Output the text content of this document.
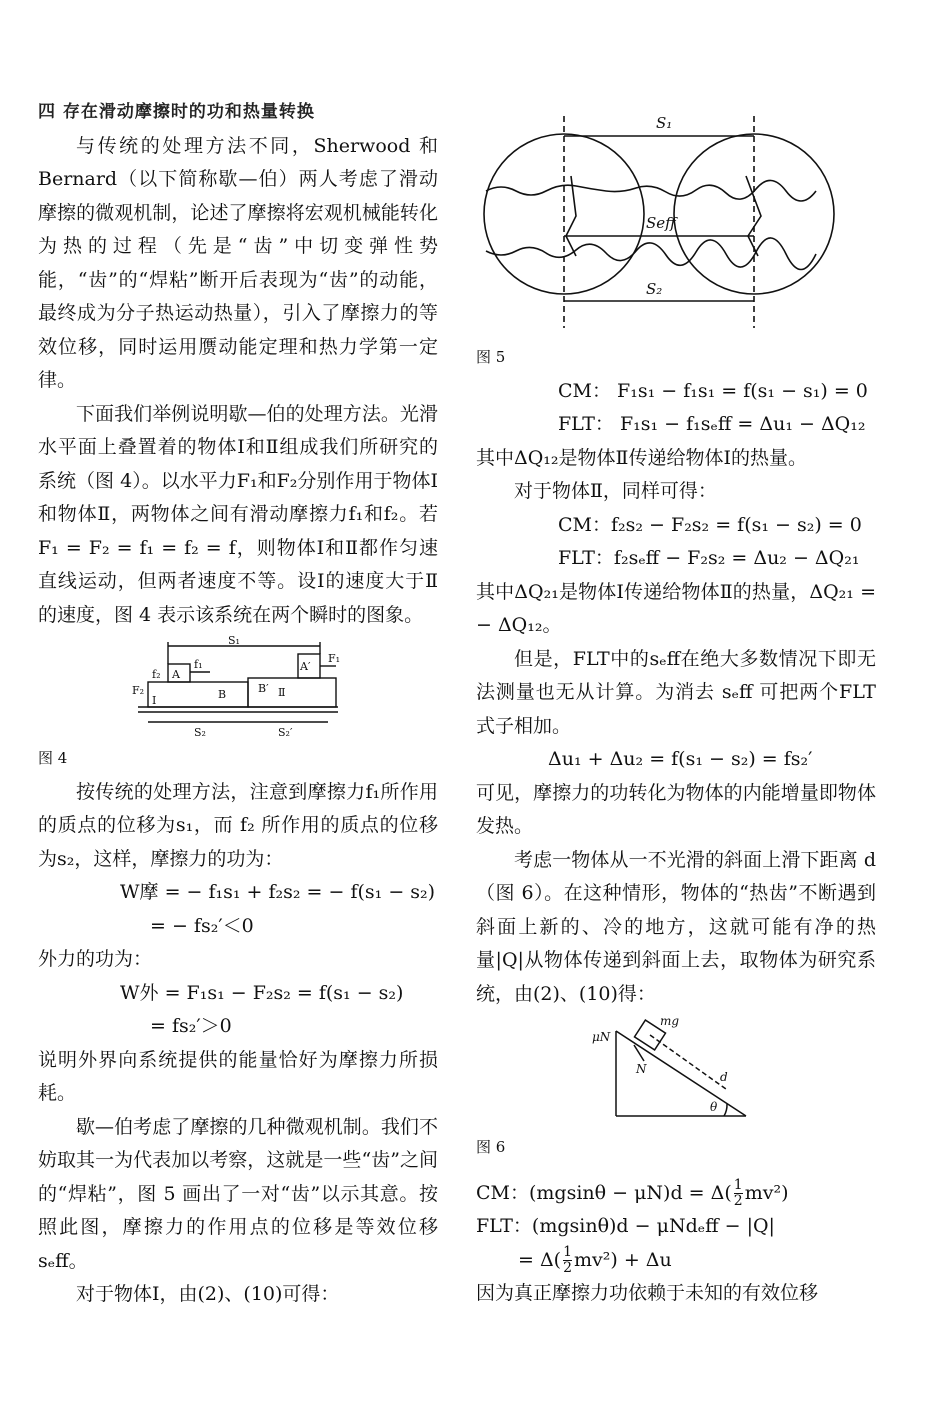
四 存在滑动摩擦时的功和热量转换

与传统的处理方法不同，Sherwood 和 Bernard（以下简称歇—伯）两人考虑了滑动摩擦的微观机制，论述了摩擦将宏观机械能转化为热的过程（先是“齿”中切变弹性势能，“齿”的“焊粘”断开后表现为“齿”的动能，最终成为分子热运动热量），引入了摩擦力的等效位移，同时运用赝动能定理和热力学第一定律。

下面我们举例说明歇—伯的处理方法。光滑水平面上叠置着的物体Ⅰ和Ⅱ组成我们所研究的系统（图 4）。以水平力F₁和F₂分别作用于物体Ⅰ和物体Ⅱ，两物体之间有滑动摩擦力f₁和f₂。若 F₁ = F₂ = f₁ = f₂ = f，则物体Ⅰ和Ⅱ都作匀速直线运动，但两者速度不等。设Ⅰ的速度大于Ⅱ的速度，图 4 表示该系统在两个瞬时的图象。

S₁
F₁
F₂
f₁
f₂ A
B
Ⅰ
Ⅱ
A′
B′
S₂	S₂′

图 4

按传统的处理方法，注意到摩擦力f₁所作用的质点的位移为s₁，而 f₂ 所作用的质点的位移为s₂，这样，摩擦力的功为：

W摩 = − f₁s₁ + f₂s₂ = − f(s₁ − s₂)

= − fs₂′＜0

外力的功为：

W外 = F₁s₁ − F₂s₂ = f(s₁ − s₂)

= fs₂′＞0

说明外界向系统提供的能量恰好为摩擦力所损耗。

歇—伯考虑了摩擦的几种微观机制。我们不妨取其一为代表加以考察，这就是一些“齿”之间的“焊粘”，图 5 画出了一对“齿”以示其意。按照此图，摩擦力的作用点的位移是等效位移sₑff。

对于物体Ⅰ，由(2)、(10)可得：

S₁
Seff
S₂

图 5

CM： F₁s₁ − f₁s₁ = f(s₁ − s₁) = 0

FLT： F₁s₁ − f₁sₑff = Δu₁ − ΔQ₁₂

其中ΔQ₁₂是物体Ⅱ传递给物体Ⅰ的热量。

对于物体Ⅱ，同样可得：

CM：f₂s₂ − F₂s₂ = f(s₁ − s₂) = 0

FLT：f₂sₑff − F₂s₂ = Δu₂ − ΔQ₂₁

其中ΔQ₂₁是物体Ⅰ传递给物体Ⅱ的热量，ΔQ₂₁ = − ΔQ₁₂。

但是，FLT中的sₑff在绝大多数情况下即无法测量也无从计算。为消去 sₑff 可把两个FLT式子相加。

Δu₁ + Δu₂ = f(s₁ − s₂) = fs₂′

可见，摩擦力的功转化为物体的内能增量即物体发热。

考虑一物体从一不光滑的斜面上滑下距离 d（图 6）。在这种情形，物体的“热齿”不断遇到斜面上新的、冷的地方，这就可能有净的热量|Q|从物体传递到斜面上去，取物体为研究系统，由(2)、(10)得：

mg
μN
N
d
θ

图 6

CM：$(mgsin\theta - \mu N)d = \Delta( \frac{1}{2} mv^2)$

FLT：(mgsinθ)d − μNdₑff − |Q|

= $\Delta( \frac{1}{2} mv^2) + \Delta u$

因为真正摩擦力功依赖于未知的有效位移
